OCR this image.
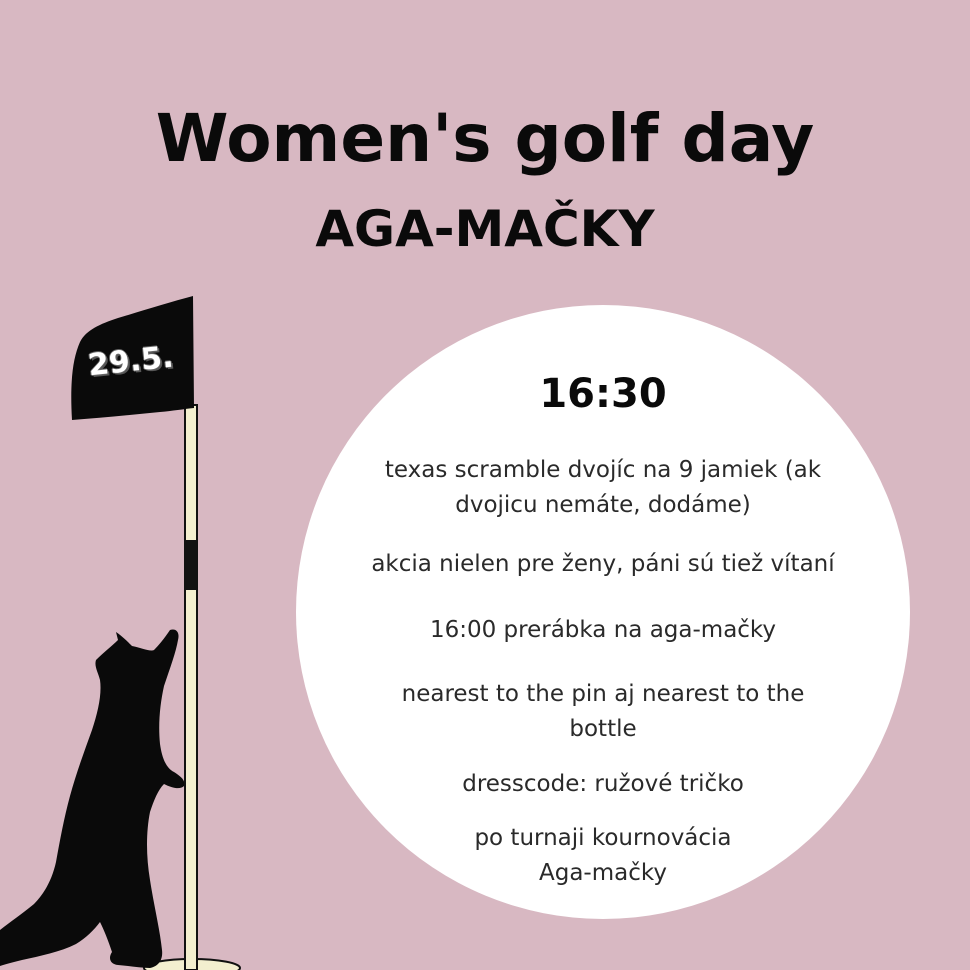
Women's golf day
AGA-MAČKY

29.5.

16:30

texas scramble dvojíc na 9 jamiek (ak dvojicu nemáte, dodáme)

akcia nielen pre ženy, páni sú tiež vítaní

16:00 prerábka na aga-mačky

nearest to the pin aj nearest to the bottle

dresscode: ružové tričko

po turnaji kournovácia Aga-mačky
